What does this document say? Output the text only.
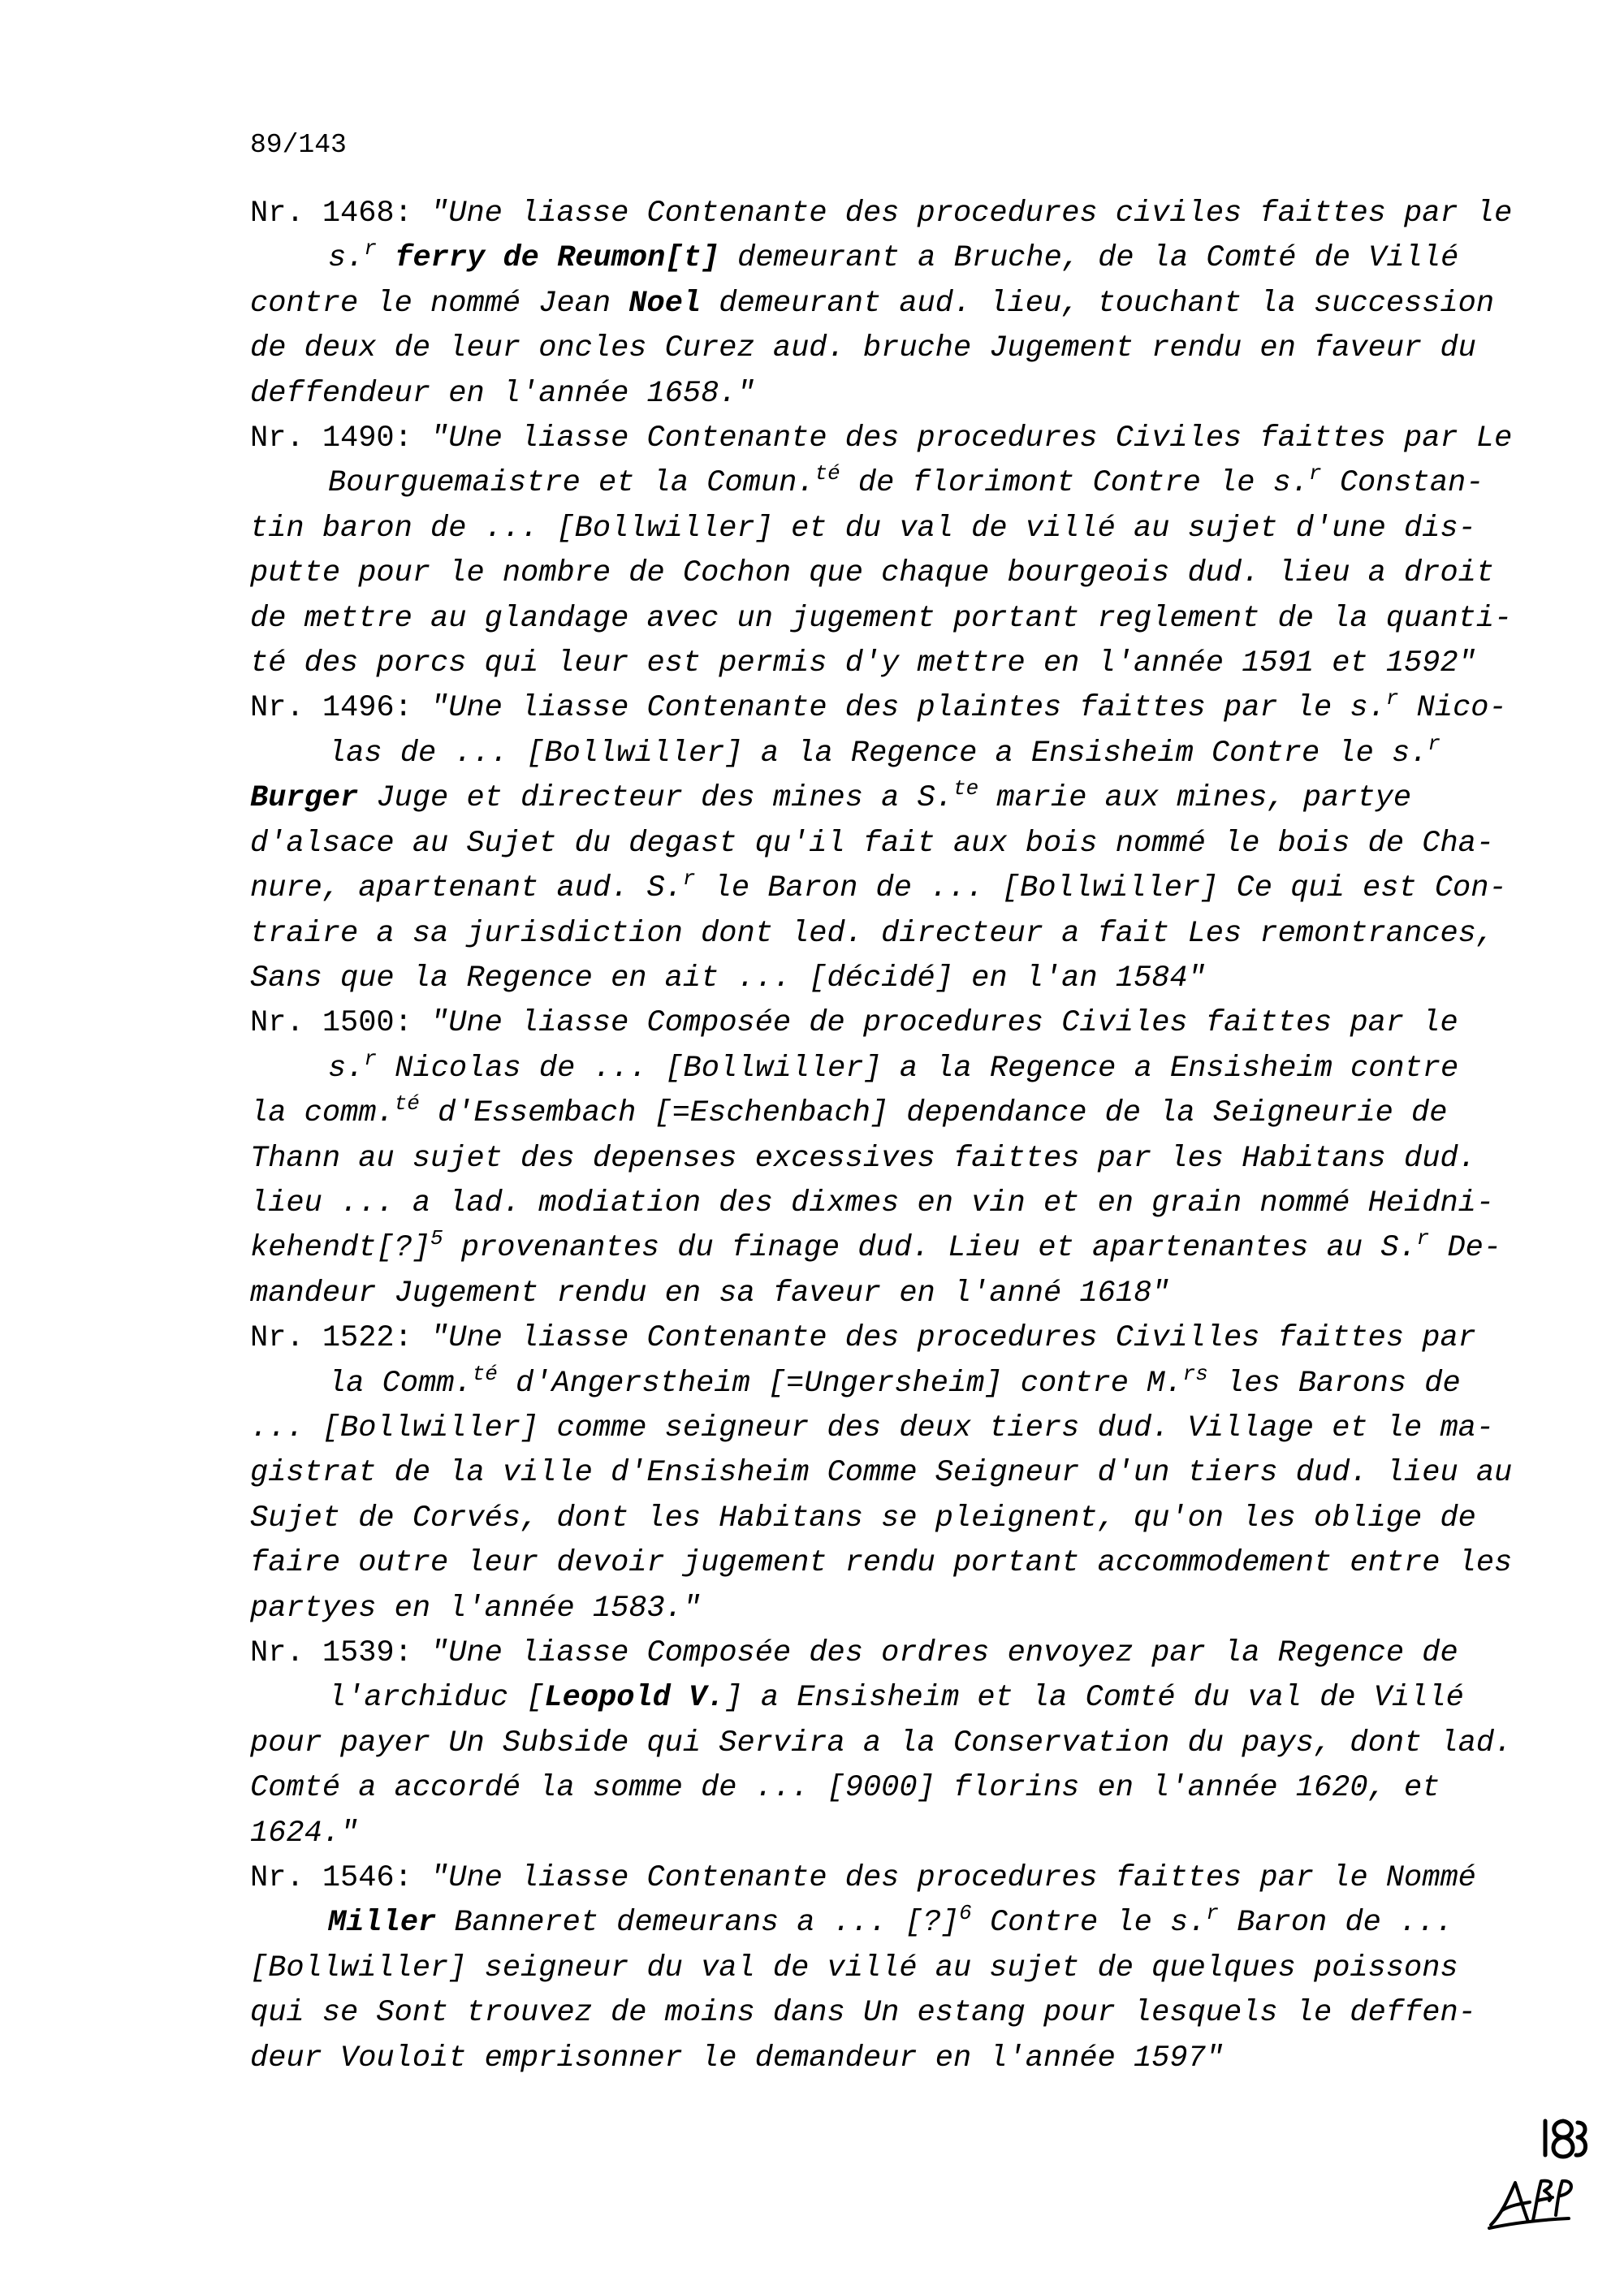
89/143
Nr. 1468: "Une liasse Contenante des procedures civiles faittes par le
s.$^r$ ferry de Reumon[t] demeurant a Bruche, de la Comté de Villé
contre le nommé Jean Noel demeurant aud. lieu, touchant la succession
de deux de leur oncles Curez aud. bruche Jugement rendu en faveur du
deffendeur en l'année 1658."
Nr. 1490: "Une liasse Contenante des procedures Civiles faittes par Le
Bourguemaistre et la Comun.$^{té}$ de florimont Contre le s.$^r$ Constan-
tin baron de ... [Bollwiller] et du val de villé au sujet d'une dis-
putte pour le nombre de Cochon que chaque bourgeois dud. lieu a droit
de mettre au glandage avec un jugement portant reglement de la quanti-
té des porcs qui leur est permis d'y mettre en l'année 1591 et 1592"
Nr. 1496: "Une liasse Contenante des plaintes faittes par le s.$^r$ Nico-
las de ... [Bollwiller] a la Regence a Ensisheim Contre le s.$^r$
Burger Juge et directeur des mines a S.$^{te}$ marie aux mines, partye
d'alsace au Sujet du degast qu'il fait aux bois nommé le bois de Cha-
nure, apartenant aud. S.$^r$ le Baron de ... [Bollwiller] Ce qui est Con-
traire a sa jurisdiction dont led. directeur a fait Les remontrances,
Sans que la Regence en ait ... [décidé] en l'an 1584"
Nr. 1500: "Une liasse Composée de procedures Civiles faittes par le
s.$^r$ Nicolas de ... [Bollwiller] a la Regence a Ensisheim contre
la comm.$^{té}$ d'Essembach [=Eschenbach] dependance de la Seigneurie de
Thann au sujet des depenses excessives faittes par les Habitans dud.
lieu ... a lad. modiation des dixmes en vin et en grain nommé Heidni-
kehendt[?]$^5$ provenantes du finage dud. Lieu et apartenantes au S.$^r$ De-
mandeur Jugement rendu en sa faveur en l'anné 1618"
Nr. 1522: "Une liasse Contenante des procedures Civilles faittes par
la Comm.$^{té}$ d'Angerstheim [=Ungersheim] contre M.$^{rs}$ les Barons de
... [Bollwiller] comme seigneur des deux tiers dud. Village et le ma-
gistrat de la ville d'Ensisheim Comme Seigneur d'un tiers dud. lieu au
Sujet de Corvés, dont les Habitans se pleignent, qu'on les oblige de
faire outre leur devoir jugement rendu portant accommodement entre les
partyes en l'année 1583."
Nr. 1539: "Une liasse Composée des ordres envoyez par la Regence de
l'archiduc [Leopold V.] a Ensisheim et la Comté du val de Villé
pour payer Un Subside qui Servira a la Conservation du pays, dont lad.
Comté a accordé la somme de ... [9000] florins en l'année 1620, et
1624."
Nr. 1546: "Une liasse Contenante des procedures faittes par le Nommé
Miller Banneret demeurans a ... [?]$^6$ Contre le s.$^r$ Baron de ...
[Bollwiller] seigneur du val de villé au sujet de quelques poissons
qui se Sont trouvez de moins dans Un estang pour lesquels le deffen-
deur Vouloit emprisonner le demandeur en l'année 1597"
